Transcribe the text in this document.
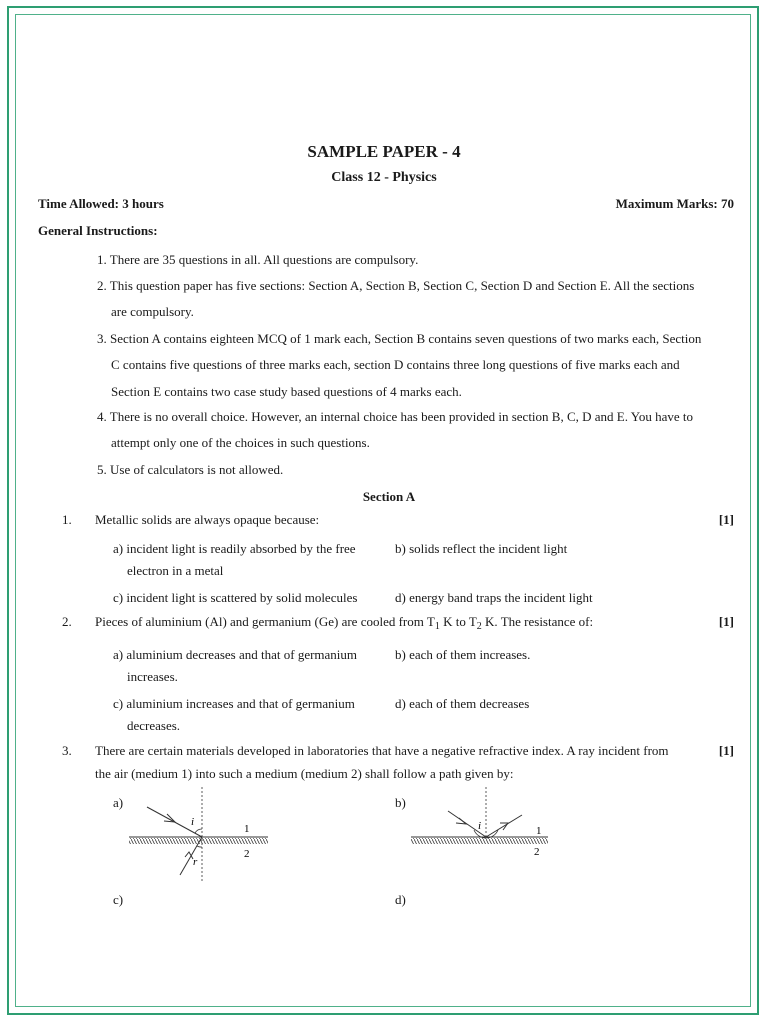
SAMPLE PAPER - 4
Class 12 - Physics
Time Allowed: 3 hours	Maximum Marks: 70
General Instructions:
1. There are 35 questions in all. All questions are compulsory.
2. This question paper has five sections: Section A, Section B, Section C, Section D and Section E. All the sections
are compulsory.
3. Section A contains eighteen MCQ of 1 mark each, Section B contains seven questions of two marks each, Section
C contains five questions of three marks each, section D contains three long questions of five marks each and
Section E contains two case study based questions of 4 marks each.
4. There is no overall choice. However, an internal choice has been provided in section B, C, D and E. You have to
attempt only one of the choices in such questions.
5. Use of calculators is not allowed.
Section A
1. Metallic solids are always opaque because:	[1]
a) incident light is readily absorbed by the free
electron in a metal
b) solids reflect the incident light
c) incident light is scattered by solid molecules	d) energy band traps the incident light
2. Pieces of aluminium (Al) and germanium (Ge) are cooled from $T_1$ K to $T_2$ K. The resistance of:	[1]
a) aluminium decreases and that of germanium
increases.
b) each of them increases.
c) aluminium increases and that of germanium
decreases.
d) each of them decreases
3. There are certain materials developed in laboratories that have a negative refractive index. A ray incident from
the air (medium 1) into such a medium (medium 2) shall follow a path given by:
[1]
a)	b)
c)	d)
i
r
1
2
i	1
2
